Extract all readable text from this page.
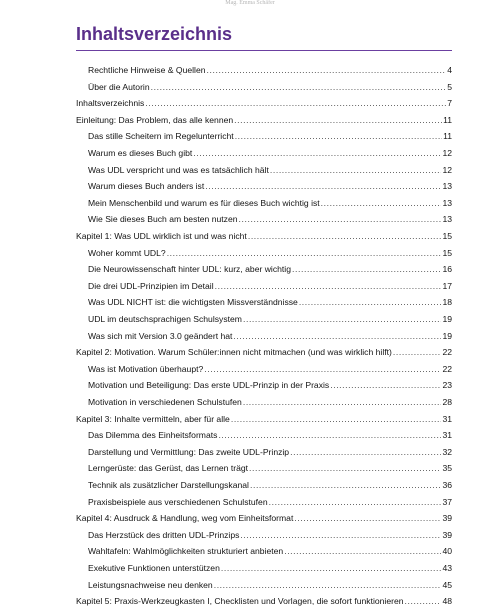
Mag. Emma Schäfer
Inhaltsverzeichnis
Rechtliche Hinweise & Quellen .....	4
Über die Autorin .....	5
Inhaltsverzeichnis .....	7
Einleitung: Das Problem, das alle kennen .....	11
Das stille Scheitern im Regelunterricht .....	11
Warum es dieses Buch gibt .....	12
Was UDL verspricht und was es tatsächlich hält .....	12
Warum dieses Buch anders ist .....	13
Mein Menschenbild und warum es für dieses Buch wichtig ist .....	13
Wie Sie dieses Buch am besten nutzen .....	13
Kapitel 1: Was UDL wirklich ist und was nicht .....	15
Woher kommt UDL? .....	15
Die Neurowissenschaft hinter UDL: kurz, aber wichtig .....	16
Die drei UDL-Prinzipien im Detail .....	17
Was UDL NICHT ist: die wichtigsten Missverständnisse .....	18
UDL im deutschsprachigen Schulsystem .....	19
Was sich mit Version 3.0 geändert hat .....	19
Kapitel 2: Motivation. Warum Schüler:innen nicht mitmachen (und was wirklich hilft) .....	22
Was ist Motivation überhaupt? .....	22
Motivation und Beteiligung: Das erste UDL-Prinzip in der Praxis .....	23
Motivation in verschiedenen Schulstufen .....	28
Kapitel 3: Inhalte vermitteln, aber für alle .....	31
Das Dilemma des Einheitsformats .....	31
Darstellung und Vermittlung: Das zweite UDL-Prinzip .....	32
Lerngerüste: das Gerüst, das Lernen trägt .....	35
Technik als zusätzlicher Darstellungskanal .....	36
Praxisbeispiele aus verschiedenen Schulstufen .....	37
Kapitel 4: Ausdruck & Handlung, weg vom Einheitsformat .....	39
Das Herzstück des dritten UDL-Prinzips .....	39
Wahltafeln: Wahlmöglichkeiten strukturiert anbieten .....	40
Exekutive Funktionen unterstützen .....	43
Leistungsnachweise neu denken .....	45
Kapitel 5: Praxis-Werkzeugkasten I, Checklisten und Vorlagen, die sofort funktionieren .....	48
